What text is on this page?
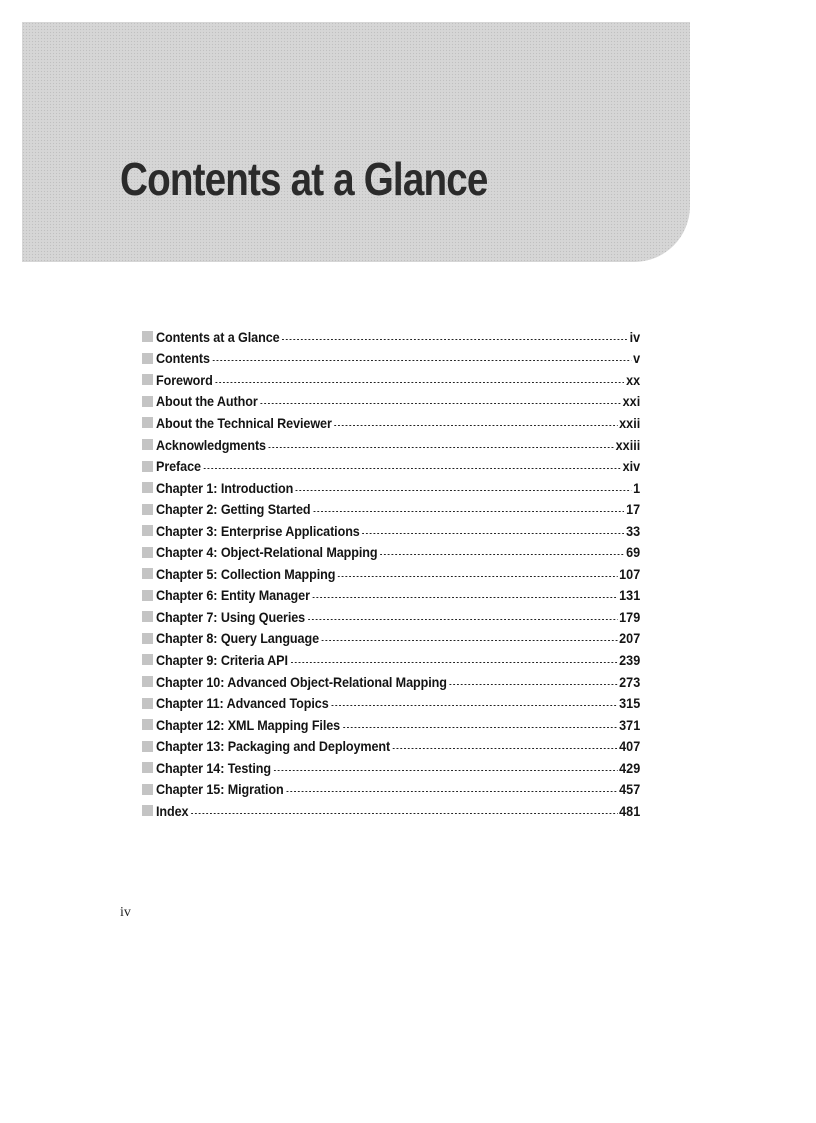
Contents at a Glance
Contents at a Glance	iv
Contents	v
Foreword	xx
About the Author	xxi
About the Technical Reviewer	xxii
Acknowledgments	xxiii
Preface	xiv
Chapter 1: Introduction	1
Chapter 2: Getting Started	17
Chapter 3: Enterprise Applications	33
Chapter 4: Object-Relational Mapping	69
Chapter 5: Collection Mapping	107
Chapter 6: Entity Manager	131
Chapter 7: Using Queries	179
Chapter 8: Query Language	207
Chapter 9: Criteria API	239
Chapter 10: Advanced Object-Relational Mapping	273
Chapter 11: Advanced Topics	315
Chapter 12: XML Mapping Files	371
Chapter 13: Packaging and Deployment	407
Chapter 14: Testing	429
Chapter 15: Migration	457
Index	481

iv
